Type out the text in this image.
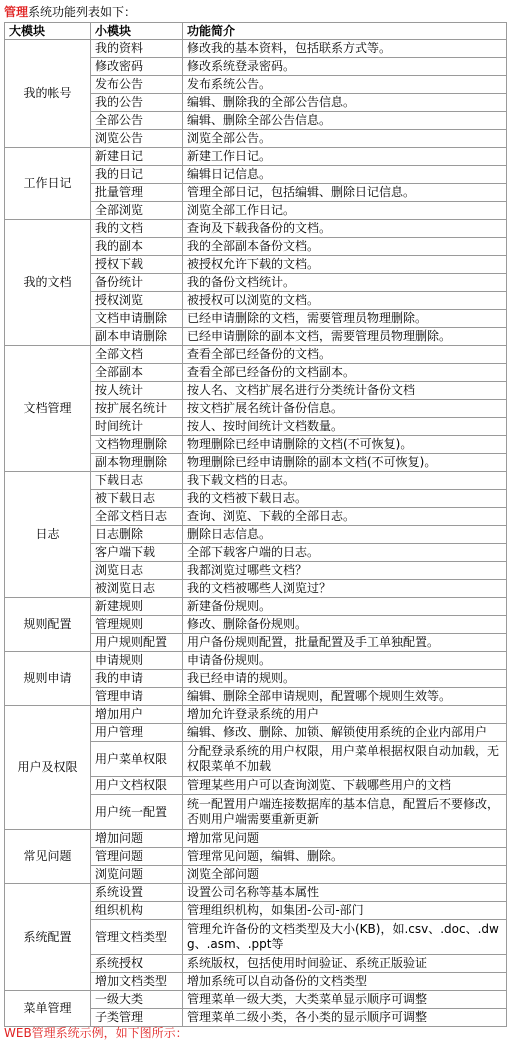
管理系统功能列表如下：
大模块	小模块	功能简介
我的帐号	我的资料	修改我的基本资料，包括联系方式等。
	修改密码	修改系统登录密码。
	发布公告	发布系统公告。
	我的公告	编辑、删除我的全部公告信息。
	全部公告	编辑、删除全部公告信息。
	浏览公告	浏览全部公告。
工作日记	新建日记	新建工作日记。
	我的日记	编辑日记信息。
	批量管理	管理全部日记，包括编辑、删除日记信息。
	全部浏览	浏览全部工作日记。
我的文档	我的文档	查询及下载我备份的文档。
	我的副本	我的全部副本备份文档。
	授权下载	被授权允许下载的文档。
	备份统计	我的备份文档统计。
	授权浏览	被授权可以浏览的文档。
	文档申请删除	已经申请删除的文档，需要管理员物理删除。
	副本申请删除	已经申请删除的副本文档，需要管理员物理删除。
文档管理	全部文档	查看全部已经备份的文档。
	全部副本	查看全部已经备份的文档副本。
	按人统计	按人名、文档扩展名进行分类统计备份文档
	按扩展名统计	按文档扩展名统计备份信息。
	时间统计	按人、按时间统计文档数量。
	文档物理删除	物理删除已经申请删除的文档(不可恢复)。
	副本物理删除	物理删除已经申请删除的副本文档(不可恢复)。
日志	下载日志	我下载文档的日志。
	被下载日志	我的文档被下载日志。
	全部文档日志	查询、浏览、下载的全部日志。
	日志删除	删除日志信息。
	客户端下载	全部下载客户端的日志。
	浏览日志	我都浏览过哪些文档？
	被浏览日志	我的文档被哪些人浏览过？
规则配置	新建规则	新建备份规则。
	管理规则	修改、删除备份规则。
	用户规则配置	用户备份规则配置，批量配置及手工单独配置。
规则申请	申请规则	申请备份规则。
	我的申请	我已经申请的规则。
	管理申请	编辑、删除全部申请规则，配置哪个规则生效等。
用户及权限	增加用户	增加允许登录系统的用户
	用户管理	编辑、修改、删除、加锁、解锁使用系统的企业内部用户
	用户菜单权限	分配登录系统的用户权限，用户菜单根据权限自动加载，无权限菜单不加载
	用户文档权限	管理某些用户可以查询浏览、下载哪些用户的文档
	用户统一配置	统一配置用户端连接数据库的基本信息，配置后不要修改，否则用户端需要重新更新
常见问题	增加问题	增加常见问题
	管理问题	管理常见问题，编辑、删除。
	浏览问题	浏览全部问题
系统配置	系统设置	设置公司名称等基本属性
	组织机构	管理组织机构，如集团-公司-部门
	管理文档类型	管理允许备份的文档类型及大小(KB)，如.csv、.doc、.dwg、.asm、.ppt等
	系统授权	系统版权，包括使用时间验证、系统正版验证
	增加文档类型	增加系统可以自动备份的文档类型
菜单管理	一级大类	管理菜单一级大类，大类菜单显示顺序可调整
	子类管理	管理菜单二级小类，各小类的显示顺序可调整
WEB管理系统示例，如下图所示：
